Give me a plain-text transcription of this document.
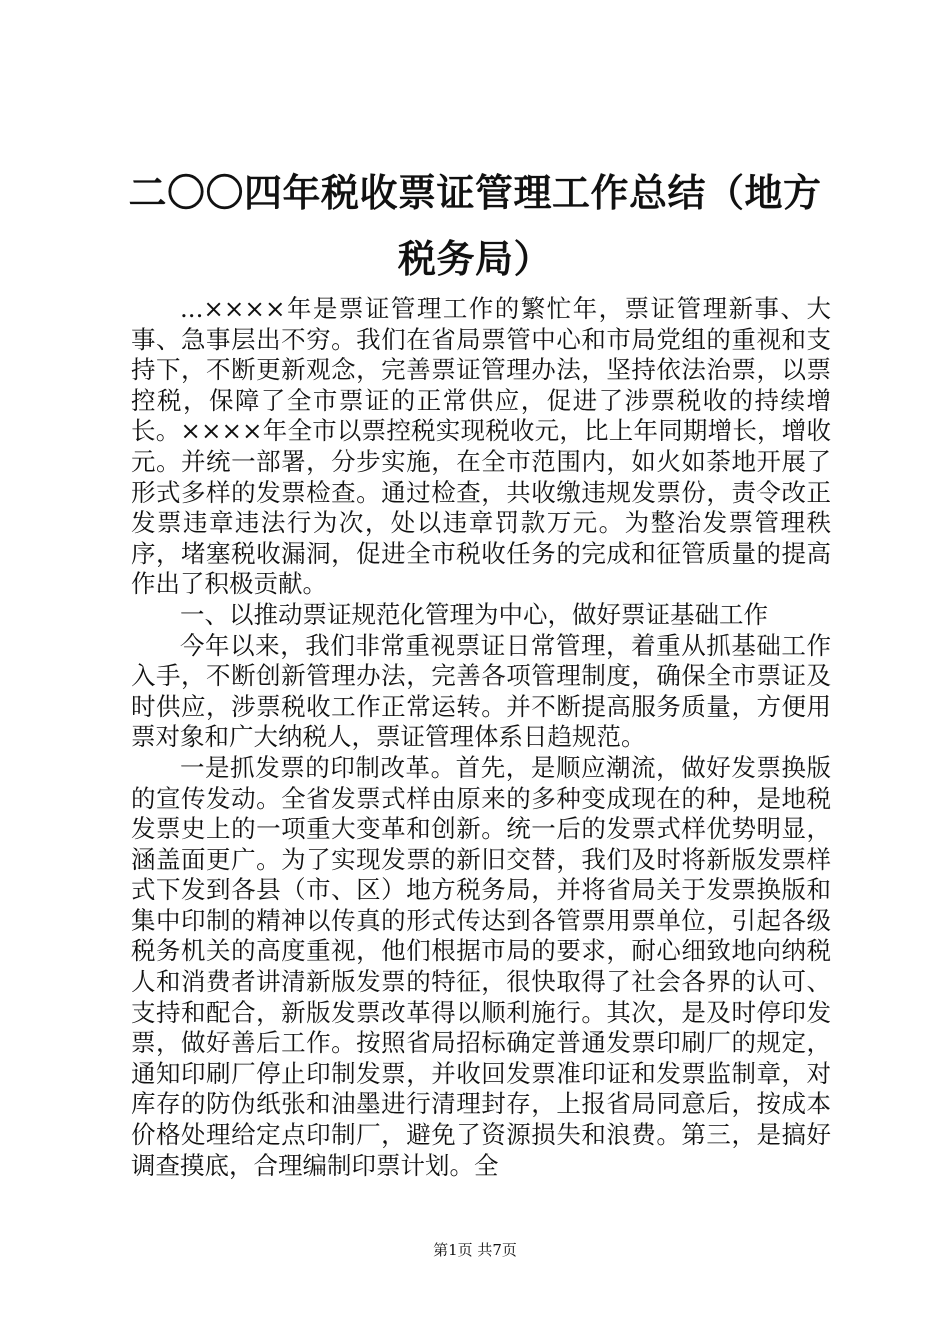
二〇〇四年税收票证管理工作总结（地方税务局）

...××××年是票证管理工作的繁忙年，票证管理新事、大事、急事层出不穷。我们在省局票管中心和市局党组的重视和支持下，不断更新观念，完善票证管理办法，坚持依法治票，以票控税，保障了全市票证的正常供应，促进了涉票税收的持续增长。××××年全市以票控税实现税收元，比上年同期增长，增收元。并统一部署，分步实施，在全市范围内，如火如荼地开展了形式多样的发票检查。通过检查，共收缴违规发票份，责令改正发票违章违法行为次，处以违章罚款万元。为整治发票管理秩序，堵塞税收漏洞，促进全市税收任务的完成和征管质量的提高作出了积极贡献。

一、以推动票证规范化管理为中心，做好票证基础工作

今年以来，我们非常重视票证日常管理，着重从抓基础工作入手，不断创新管理办法，完善各项管理制度，确保全市票证及时供应，涉票税收工作正常运转。并不断提高服务质量，方便用票对象和广大纳税人，票证管理体系日趋规范。

一是抓发票的印制改革。首先，是顺应潮流，做好发票换版的宣传发动。全省发票式样由原来的多种变成现在的种，是地税发票史上的一项重大变革和创新。统一后的发票式样优势明显，涵盖面更广。为了实现发票的新旧交替，我们及时将新版发票样式下发到各县（市、区）地方税务局，并将省局关于发票换版和集中印制的精神以传真的形式传达到各管票用票单位，引起各级税务机关的高度重视，他们根据市局的要求，耐心细致地向纳税人和消费者讲清新版发票的特征，很快取得了社会各界的认可、支持和配合，新版发票改革得以顺利施行。其次，是及时停印发票，做好善后工作。按照省局招标确定普通发票印刷厂的规定，通知印刷厂停止印制发票，并收回发票准印证和发票监制章，对库存的防伪纸张和油墨进行清理封存，上报省局同意后，按成本价格处理给定点印制厂，避免了资源损失和浪费。第三，是搞好调查摸底，合理编制印票计划。全

第1页 共7页
